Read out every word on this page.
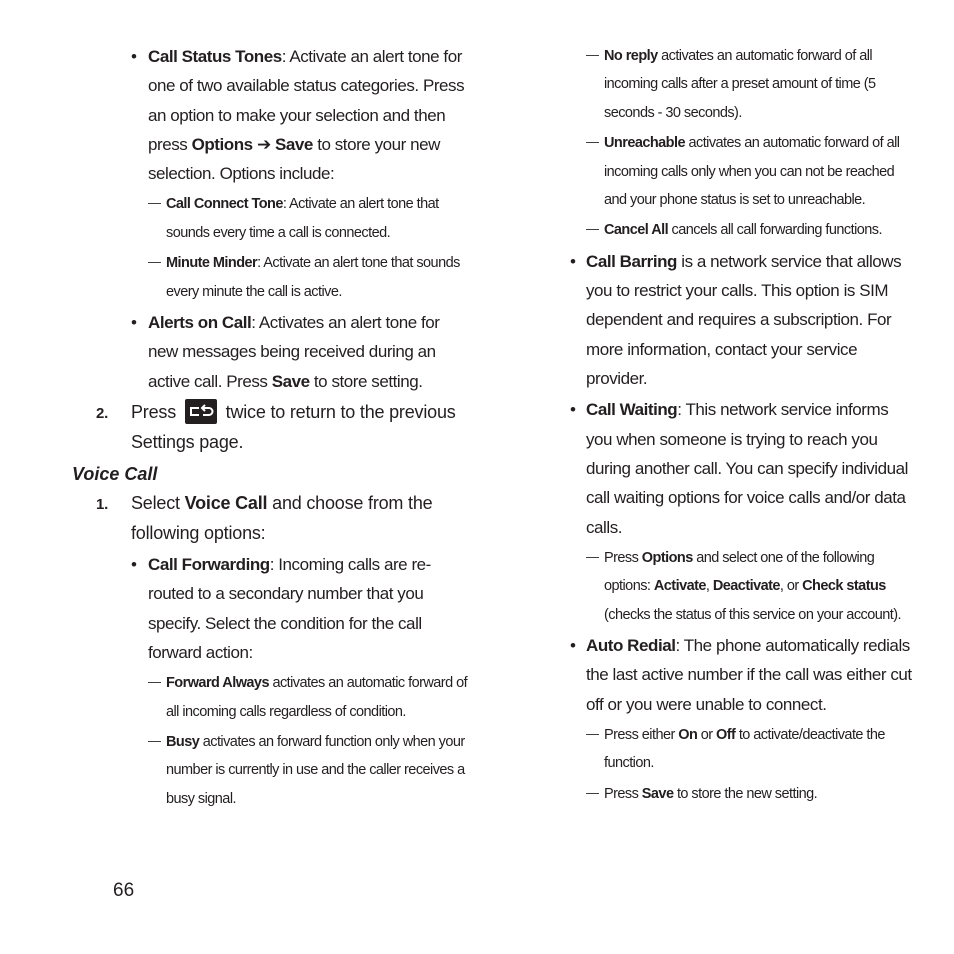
• Call Status Tones: Activate an alert tone for one of two available status categories. Press an option to make your selection and then press Options ➔ Save to store your new selection. Options include:
— Call Connect Tone: Activate an alert tone that sounds every time a call is connected.
— Minute Minder: Activate an alert tone that sounds every minute the call is active.
• Alerts on Call: Activates an alert tone for new messages being received during an active call. Press Save to store setting.
2. Press	twice to return to the previous Settings page.
Voice Call
1. Select Voice Call and choose from the following options:
• Call Forwarding: Incoming calls are re-routed to a secondary number that you specify. Select the condition for the call forward action:
— Forward Always activates an automatic forward of all incoming calls regardless of condition.
— Busy activates an forward function only when your number is currently in use and the caller receives a busy signal.
— No reply activates an automatic forward of all incoming calls after a preset amount of time (5 seconds - 30 seconds).
— Unreachable activates an automatic forward of all incoming calls only when you can not be reached and your phone status is set to unreachable.
— Cancel All cancels all call forwarding functions.
• Call Barring is a network service that allows you to restrict your calls. This option is SIM dependent and requires a subscription. For more information, contact your service provider.
• Call Waiting: This network service informs you when someone is trying to reach you during another call. You can specify individual call waiting options for voice calls and/or data calls.
— Press Options and select one of the following options: Activate, Deactivate, or Check status (checks the status of this service on your account).
• Auto Redial: The phone automatically redials the last active number if the call was either cut off or you were unable to connect.
— Press either On or Off to activate/deactivate the function.
— Press Save to store the new setting.
66
